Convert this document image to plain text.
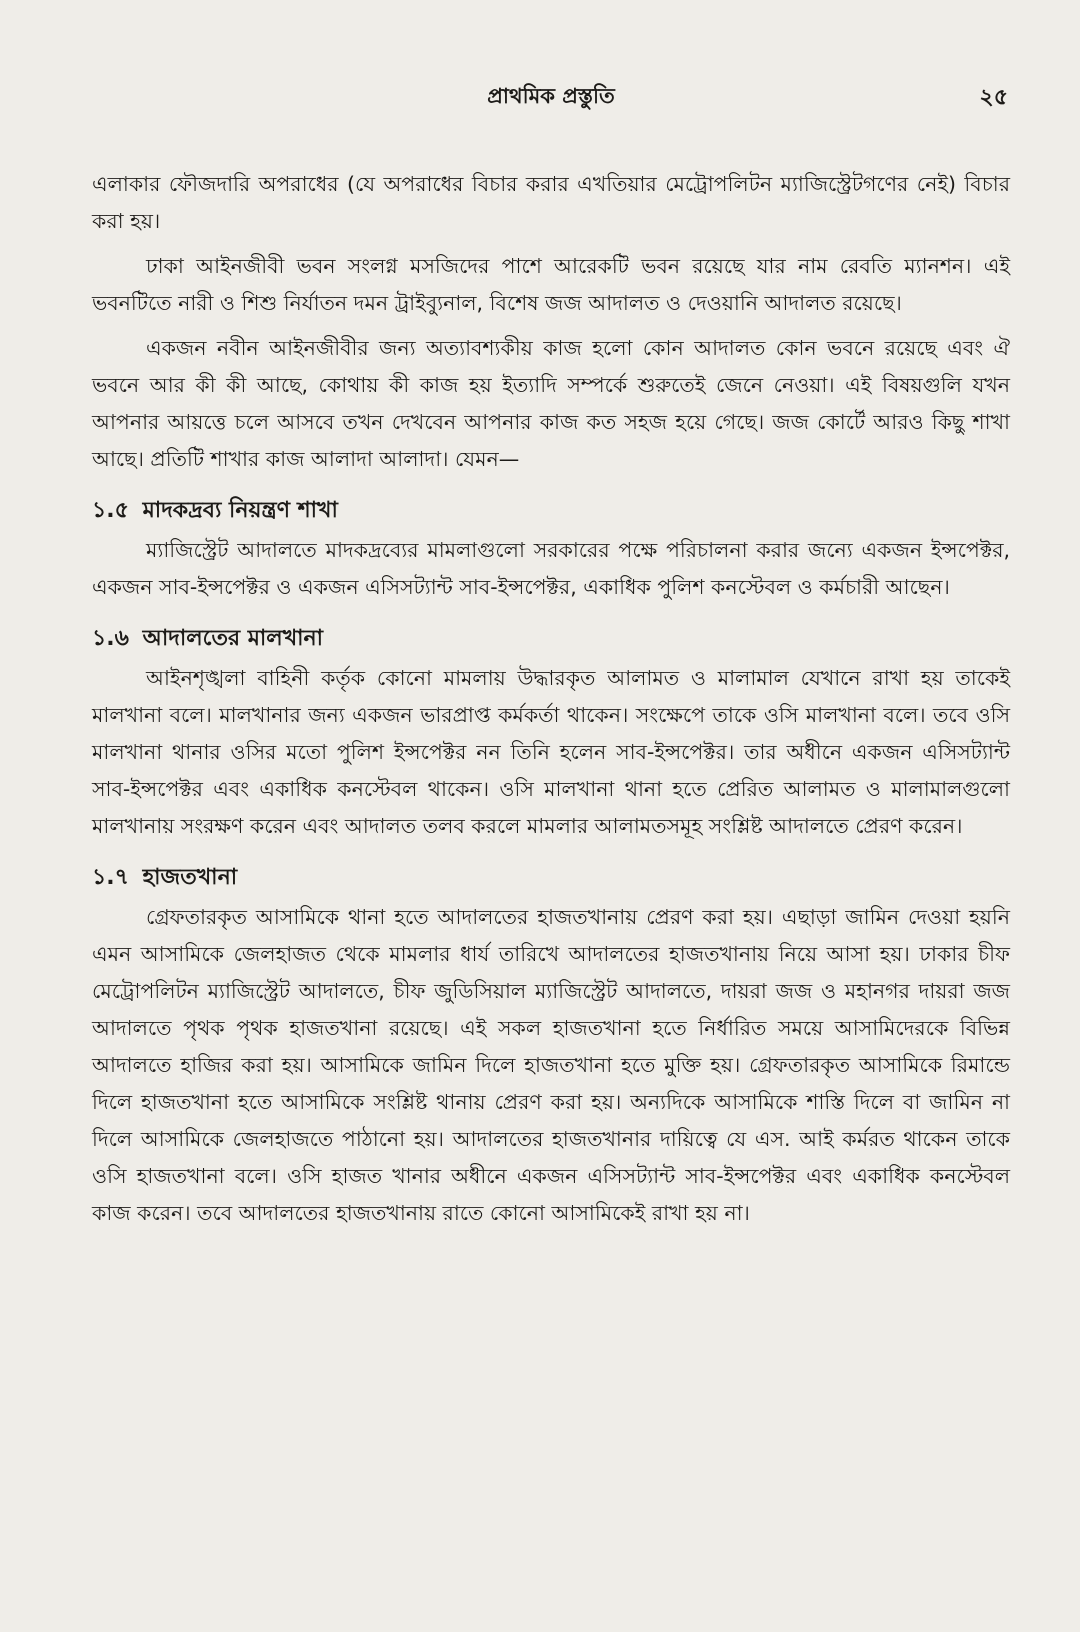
প্রাথমিক প্রস্তুতি	২৫

এলাকার ফৌজদারি অপরাধের (যে অপরাধের বিচার করার এখতিয়ার মেট্রোপলিটন ম্যাজিস্ট্রেটগণের নেই) বিচার করা হয়।

ঢাকা আইনজীবী ভবন সংলগ্ন মসজিদের পাশে আরেকটি ভবন রয়েছে যার নাম রেবতি ম্যানশন। এই ভবনটিতে নারী ও শিশু নির্যাতন দমন ট্রাইব্যুনাল, বিশেষ জজ আদালত ও দেওয়ানি আদালত রয়েছে।

একজন নবীন আইনজীবীর জন্য অত্যাবশ্যকীয় কাজ হলো কোন আদালত কোন ভবনে রয়েছে এবং ঐ ভবনে আর কী কী আছে, কোথায় কী কাজ হয় ইত্যাদি সম্পর্কে শুরুতেই জেনে নেওয়া। এই বিষয়গুলি যখন আপনার আয়ত্তে চলে আসবে তখন দেখবেন আপনার কাজ কত সহজ হয়ে গেছে। জজ কোর্টে আরও কিছু শাখা আছে। প্রতিটি শাখার কাজ আলাদা আলাদা। যেমন—

১.৫ মাদকদ্রব্য নিয়ন্ত্রণ শাখা

ম্যাজিস্ট্রেট আদালতে মাদকদ্রব্যের মামলাগুলো সরকারের পক্ষে পরিচালনা করার জন্যে একজন ইন্সপেক্টর, একজন সাব-ইন্সপেক্টর ও একজন এসিসট্যান্ট সাব-ইন্সপেক্টর, একাধিক পুলিশ কনস্টেবল ও কর্মচারী আছেন।

১.৬ আদালতের মালখানা

আইনশৃঙ্খলা বাহিনী কর্তৃক কোনো মামলায় উদ্ধারকৃত আলামত ও মালামাল যেখানে রাখা হয় তাকেই মালখানা বলে। মালখানার জন্য একজন ভারপ্রাপ্ত কর্মকর্তা থাকেন। সংক্ষেপে তাকে ওসি মালখানা বলে। তবে ওসি মালখানা থানার ওসির মতো পুলিশ ইন্সপেক্টর নন তিনি হলেন সাব-ইন্সপেক্টর। তার অধীনে একজন এসিসট্যান্ট সাব-ইন্সপেক্টর এবং একাধিক কনস্টেবল থাকেন। ওসি মালখানা থানা হতে প্রেরিত আলামত ও মালামালগুলো মালখানায় সংরক্ষণ করেন এবং আদালত তলব করলে মামলার আলামতসমূহ সংশ্লিষ্ট আদালতে প্রেরণ করেন।

১.৭ হাজতখানা

গ্রেফতারকৃত আসামিকে থানা হতে আদালতের হাজতখানায় প্রেরণ করা হয়। এছাড়া জামিন দেওয়া হয়নি এমন আসামিকে জেলহাজত থেকে মামলার ধার্য তারিখে আদালতের হাজতখানায় নিয়ে আসা হয়। ঢাকার চীফ মেট্রোপলিটন ম্যাজিস্ট্রেট আদালতে, চীফ জুডিসিয়াল ম্যাজিস্ট্রেট আদালতে, দায়রা জজ ও মহানগর দায়রা জজ আদালতে পৃথক পৃথক হাজতখানা রয়েছে। এই সকল হাজতখানা হতে নির্ধারিত সময়ে আসামিদেরকে বিভিন্ন আদালতে হাজির করা হয়। আসামিকে জামিন দিলে হাজতখানা হতে মুক্তি হয়। গ্রেফতারকৃত আসামিকে রিমান্ডে দিলে হাজতখানা হতে আসামিকে সংশ্লিষ্ট থানায় প্রেরণ করা হয়। অন্যদিকে আসামিকে শাস্তি দিলে বা জামিন না দিলে আসামিকে জেলহাজতে পাঠানো হয়। আদালতের হাজতখানার দায়িত্বে যে এস. আই কর্মরত থাকেন তাকে ওসি হাজতখানা বলে। ওসি হাজত খানার অধীনে একজন এসিসট্যান্ট সাব-ইন্সপেক্টর এবং একাধিক কনস্টেবল কাজ করেন। তবে আদালতের হাজতখানায় রাতে কোনো আসামিকেই রাখা হয় না।
